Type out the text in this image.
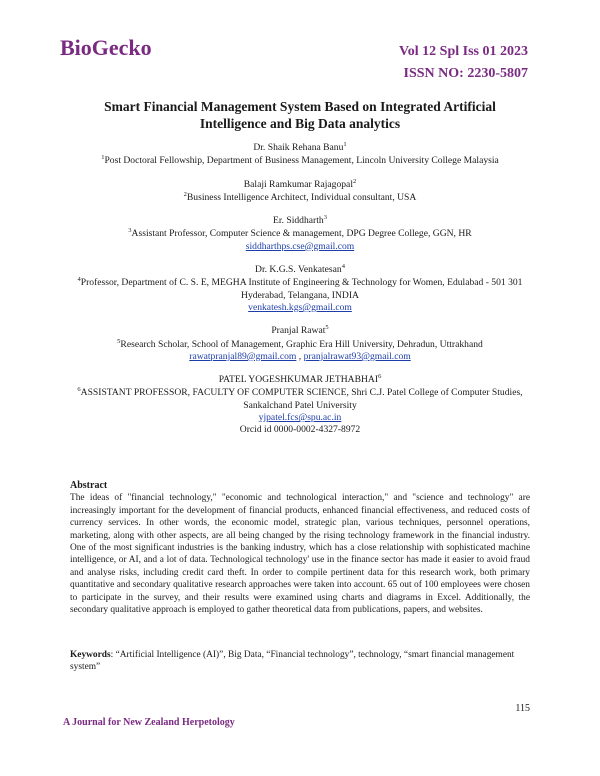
BioGecko	Vol 12 Spl Iss 01 2023
ISSN NO: 2230-5807
Smart Financial Management System Based on Integrated Artificial Intelligence and Big Data analytics
Dr. Shaik Rehana Banu$^1$
$^1$Post Doctoral Fellowship, Department of Business Management, Lincoln University College Malaysia
Balaji Ramkumar Rajagopal$^2$
$^2$Business Intelligence Architect, Individual consultant, USA
Er. Siddharth$^3$
$^3$Assistant Professor, Computer Science & management, DPG Degree College, GGN, HR
siddharthps.cse@gmail.com
Dr. K.G.S. Venkatesan$^4$
$^4$Professor, Department of C. S. E, MEGHA Institute of Engineering & Technology for Women, Edulabad - 501 301
Hyderabad, Telangana, INDIA
venkatesh.kgs@gmail.com
Pranjal Rawat$^5$
$^5$Research Scholar, School of Management, Graphic Era Hill University, Dehradun, Uttrakhand
rawatpranjal89@gmail.com , pranjalrawat93@gmail.com
PATEL YOGESHKUMAR JETHABHAI$^6$
$^6$ASSISTANT PROFESSOR, FACULTY OF COMPUTER SCIENCE, Shri C.J. Patel College of Computer Studies, Sankalchand Patel University
yjpatel.fcs@spu.ac.in
Orcid id 0000-0002-4327-8972
Abstract
The ideas of "financial technology," "economic and technological interaction," and "science and technology" are increasingly important for the development of financial products, enhanced financial effectiveness, and reduced costs of currency services. In other words, the economic model, strategic plan, various techniques, personnel operations, marketing, along with other aspects, are all being changed by the rising technology framework in the financial industry. One of the most significant industries is the banking industry, which has a close relationship with sophisticated machine intelligence, or AI, and a lot of data. Technological technology' use in the finance sector has made it easier to avoid fraud and analyse risks, including credit card theft. In order to compile pertinent data for this research work, both primary quantitative and secondary qualitative research approaches were taken into account. 65 out of 100 employees were chosen to participate in the survey, and their results were examined using charts and diagrams in Excel. Additionally, the secondary qualitative approach is employed to gather theoretical data from publications, papers, and websites.
Keywords: “Artificial Intelligence (AI)”, Big Data, “Financial technology”, technology, “smart financial management system”
115
A Journal for New Zealand Herpetology
